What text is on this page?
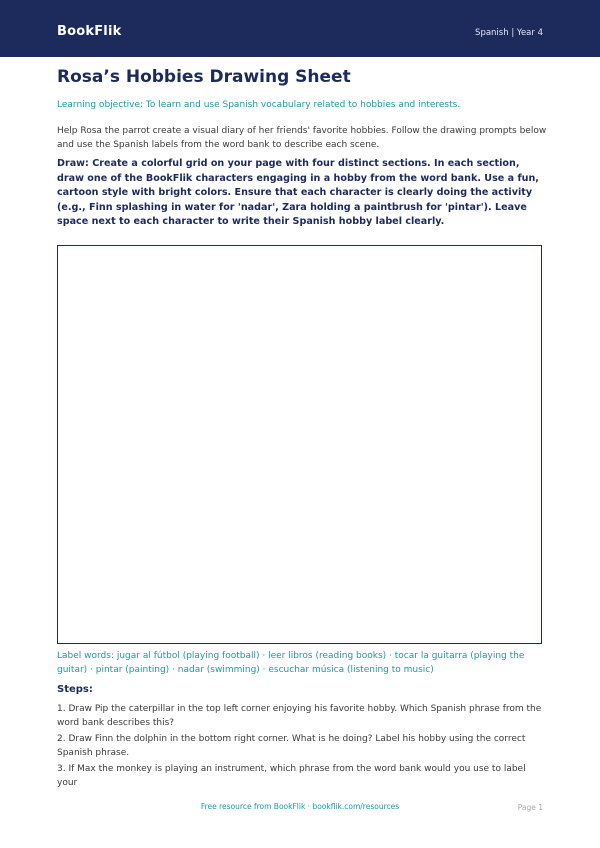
BookFlik	Spanish | Year 4
Rosa’s Hobbies Drawing Sheet
Learning objective: To learn and use Spanish vocabulary related to hobbies and interests.
Help Rosa the parrot create a visual diary of her friends' favorite hobbies. Follow the drawing prompts below and use the Spanish labels from the word bank to describe each scene.
Draw: Create a colorful grid on your page with four distinct sections. In each section, draw one of the BookFlik characters engaging in a hobby from the word bank. Use a fun, cartoon style with bright colors. Ensure that each character is clearly doing the activity (e.g., Finn splashing in water for 'nadar', Zara holding a paintbrush for 'pintar'). Leave space next to each character to write their Spanish hobby label clearly.
Label words: jugar al fútbol (playing football) · leer libros (reading books) · tocar la guitarra (playing the guitar) · pintar (painting) · nadar (swimming) · escuchar música (listening to music)
Steps:
1. Draw Pip the caterpillar in the top left corner enjoying his favorite hobby. Which Spanish phrase from the word bank describes this?
2. Draw Finn the dolphin in the bottom right corner. What is he doing? Label his hobby using the correct Spanish phrase.
3. If Max the monkey is playing an instrument, which phrase from the word bank would you use to label your
Free resource from BookFlik · bookflik.com/resources	Page 1
